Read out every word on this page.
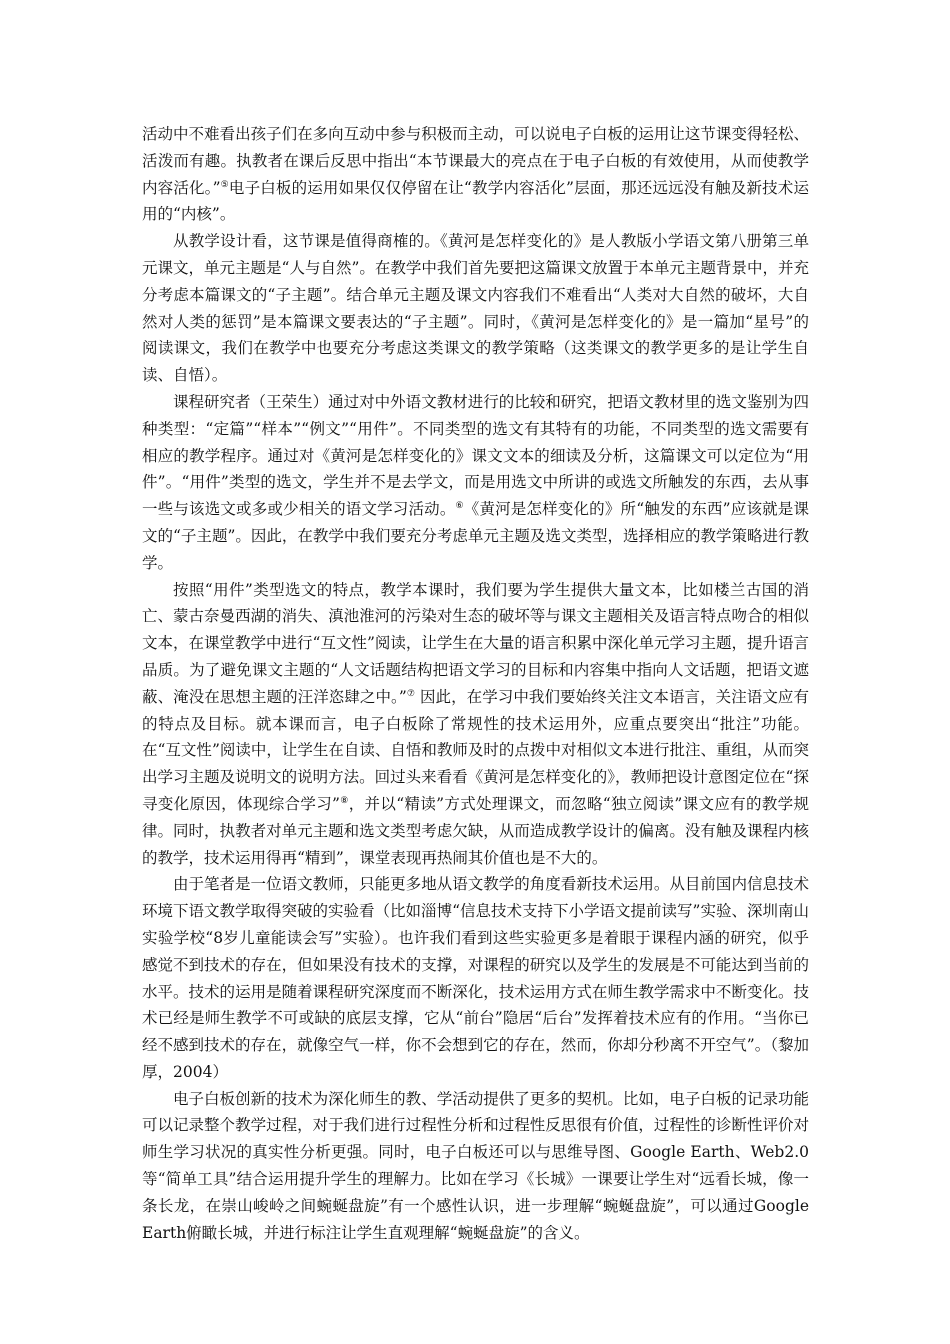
活动中不难看出孩子们在多向互动中参与积极而主动，可以说电子白板的运用让这节课变得轻松、活泼而有趣。执教者在课后反思中指出“本节课最大的亮点在于电子白板的有效使用，从而使教学内容活化。”⑤电子白板的运用如果仅仅停留在让“教学内容活化”层面，那还远远没有触及新技术运用的“内核”。

从教学设计看，这节课是值得商榷的。《黄河是怎样变化的》是人教版小学语文第八册第三单元课文，单元主题是“人与自然”。在教学中我们首先要把这篇课文放置于本单元主题背景中，并充分考虑本篇课文的“子主题”。结合单元主题及课文内容我们不难看出“人类对大自然的破坏，大自然对人类的惩罚”是本篇课文要表达的“子主题”。同时，《黄河是怎样变化的》是一篇加“星号”的阅读课文，我们在教学中也要充分考虑这类课文的教学策略（这类课文的教学更多的是让学生自读、自悟）。

课程研究者（王荣生）通过对中外语文教材进行的比较和研究，把语文教材里的选文鉴别为四种类型：“定篇”“样本”“例文”“用件”。不同类型的选文有其特有的功能，不同类型的选文需要有相应的教学程序。通过对《黄河是怎样变化的》课文文本的细读及分析，这篇课文可以定位为“用件”。“用件”类型的选文，学生并不是去学文，而是用选文中所讲的或选文所触发的东西，去从事一些与该选文或多或少相关的语文学习活动。⑥《黄河是怎样变化的》所“触发的东西”应该就是课文的“子主题”。因此，在教学中我们要充分考虑单元主题及选文类型，选择相应的教学策略进行教学。

按照“用件”类型选文的特点，教学本课时，我们要为学生提供大量文本，比如楼兰古国的消亡、蒙古奈曼西湖的消失、滇池淮河的污染对生态的破坏等与课文主题相关及语言特点吻合的相似文本，在课堂教学中进行“互文性”阅读，让学生在大量的语言积累中深化单元学习主题，提升语言品质。为了避免课文主题的“人文话题结构把语文学习的目标和内容集中指向人文话题，把语文遮蔽、淹没在思想主题的汪洋恣肆之中。”⑦ 因此，在学习中我们要始终关注文本语言，关注语文应有的特点及目标。就本课而言，电子白板除了常规性的技术运用外，应重点要突出“批注”功能。在“互文性”阅读中，让学生在自读、自悟和教师及时的点拨中对相似文本进行批注、重组，从而突出学习主题及说明文的说明方法。回过头来看看《黄河是怎样变化的》，教师把设计意图定位在“探寻变化原因，体现综合学习”⑧，并以“精读”方式处理课文，而忽略“独立阅读”课文应有的教学规律。同时，执教者对单元主题和选文类型考虑欠缺，从而造成教学设计的偏离。没有触及课程内核的教学，技术运用得再“精到”，课堂表现再热闹其价值也是不大的。

由于笔者是一位语文教师，只能更多地从语文教学的角度看新技术运用。从目前国内信息技术环境下语文教学取得突破的实验看（比如淄博“信息技术支持下小学语文提前读写”实验、深圳南山实验学校“8岁儿童能读会写”实验）。也许我们看到这些实验更多是着眼于课程内涵的研究，似乎感觉不到技术的存在，但如果没有技术的支撑，对课程的研究以及学生的发展是不可能达到当前的水平。技术的运用是随着课程研究深度而不断深化，技术运用方式在师生教学需求中不断变化。技术已经是师生教学不可或缺的底层支撑，它从“前台”隐居“后台”发挥着技术应有的作用。“当你已经不感到技术的存在，就像空气一样，你不会想到它的存在，然而，你却分秒离不开空气”。（黎加厚，2004）

电子白板创新的技术为深化师生的教、学活动提供了更多的契机。比如，电子白板的记录功能可以记录整个教学过程，对于我们进行过程性分析和过程性反思很有价值，过程性的诊断性评价对师生学习状况的真实性分析更强。同时，电子白板还可以与思维导图、Google Earth、Web2.0等“简单工具”结合运用提升学生的理解力。比如在学习《长城》一课要让学生对“远看长城，像一条长龙，在崇山峻岭之间蜿蜒盘旋”有一个感性认识，进一步理解“蜿蜒盘旋”，可以通过Google Earth俯瞰长城，并进行标注让学生直观理解“蜿蜒盘旋”的含义。
